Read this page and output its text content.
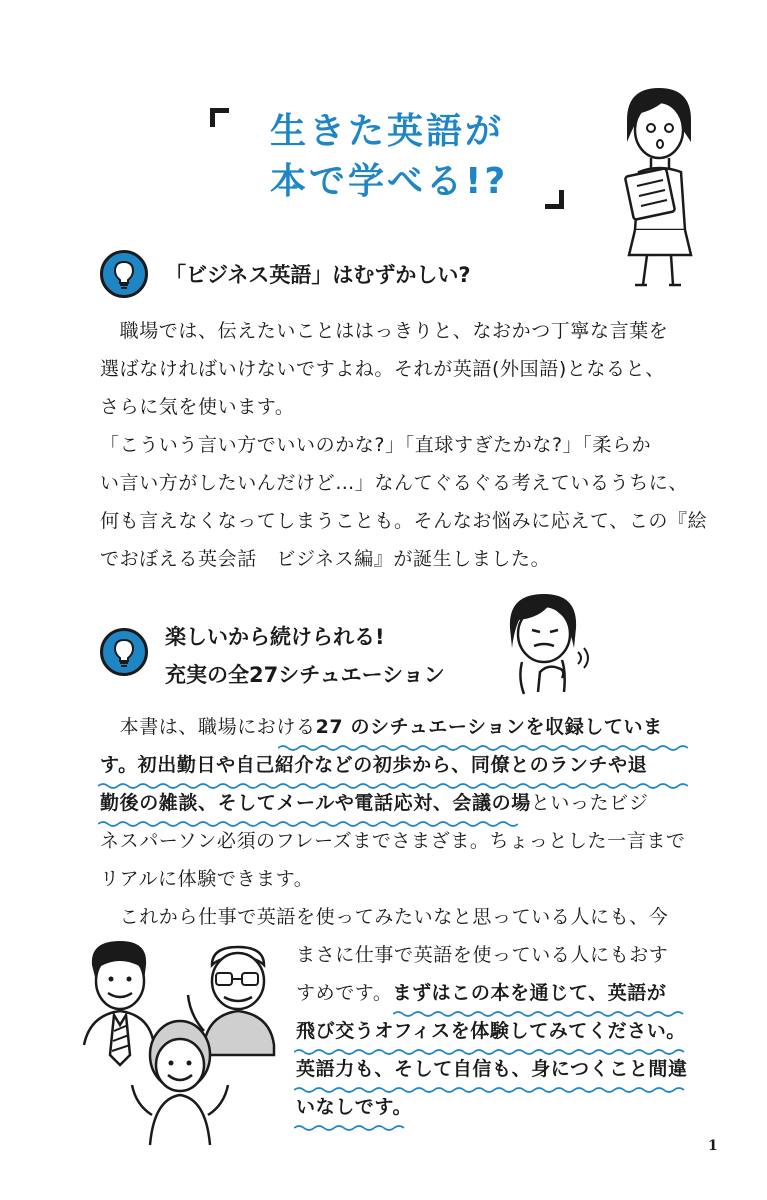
生きた英語が
本で学べる!?
「ビジネス英語」はむずかしい?
　職場では、伝えたいことははっきりと、なおかつ丁寧な言葉を
選ばなければいけないですよね。それが英語(外国語)となると、
さらに気を使います。
「こういう言い方でいいのかな?」「直球すぎたかな?」「柔らか
い言い方がしたいんだけど…」なんてぐるぐる考えているうちに、
何も言えなくなってしまうことも。そんなお悩みに応えて、この『絵
でおぼえる英会話　ビジネス編』が誕生しました。
楽しいから続けられる!
充実の全27シチュエーション
　本書は、職場における27 のシチュエーションを収録していま
す。初出勤日や自己紹介などの初歩から、同僚とのランチや退
勤後の雑談、そしてメールや電話応対、会議の場といったビジ
ネスパーソン必須のフレーズまでさまざま。ちょっとした一言まで
リアルに体験できます。
　これから仕事で英語を使ってみたいなと思っている人にも、今
まさに仕事で英語を使っている人にもおす
すめです。まずはこの本を通じて、英語が
飛び交うオフィスを体験してみてください。
英語力も、そして自信も、身につくこと間違
いなしです。
1
